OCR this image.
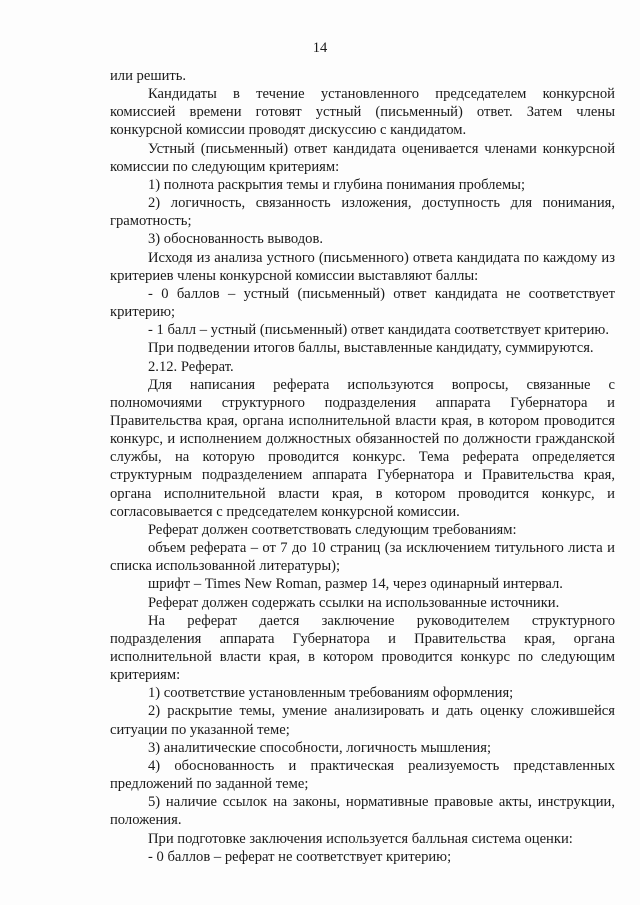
14

или решить.

Кандидаты в течение установленного председателем конкурсной комиссией времени готовят устный (письменный) ответ. Затем члены конкурсной комиссии проводят дискуссию с кандидатом.

Устный (письменный) ответ кандидата оценивается членами конкурсной комиссии по следующим критериям:

1) полнота раскрытия темы и глубина понимания проблемы;

2) логичность, связанность изложения, доступность для понимания, грамотность;

3) обоснованность выводов.

Исходя из анализа устного (письменного) ответа кандидата по каждому из критериев члены конкурсной комиссии выставляют баллы:

- 0 баллов – устный (письменный) ответ кандидата не соответствует критерию;

- 1 балл – устный (письменный) ответ кандидата соответствует критерию.

При подведении итогов баллы, выставленные кандидату, суммируются.

2.12. Реферат.

Для написания реферата используются вопросы, связанные с полномочиями структурного подразделения аппарата Губернатора и Правительства края, органа исполнительной власти края, в котором проводится конкурс, и исполнением должностных обязанностей по должности гражданской службы, на которую проводится конкурс. Тема реферата определяется структурным подразделением аппарата Губернатора и Правительства края, органа исполнительной власти края, в котором проводится конкурс, и согласовывается с председателем конкурсной комиссии.

Реферат должен соответствовать следующим требованиям:

объем реферата – от 7 до 10 страниц (за исключением титульного листа и списка использованной литературы);

шрифт – Times New Roman, размер 14, через одинарный интервал.

Реферат должен содержать ссылки на использованные источники.

На реферат дается заключение руководителем структурного подразделения аппарата Губернатора и Правительства края, органа исполнительной власти края, в котором проводится конкурс по следующим критериям:

1) соответствие установленным требованиям оформления;

2) раскрытие темы, умение анализировать и дать оценку сложившейся ситуации по указанной теме;

3) аналитические способности, логичность мышления;

4) обоснованность и практическая реализуемость представленных предложений по заданной теме;

5) наличие ссылок на законы, нормативные правовые акты, инструкции, положения.

При подготовке заключения используется балльная система оценки:

- 0 баллов – реферат не соответствует критерию;
